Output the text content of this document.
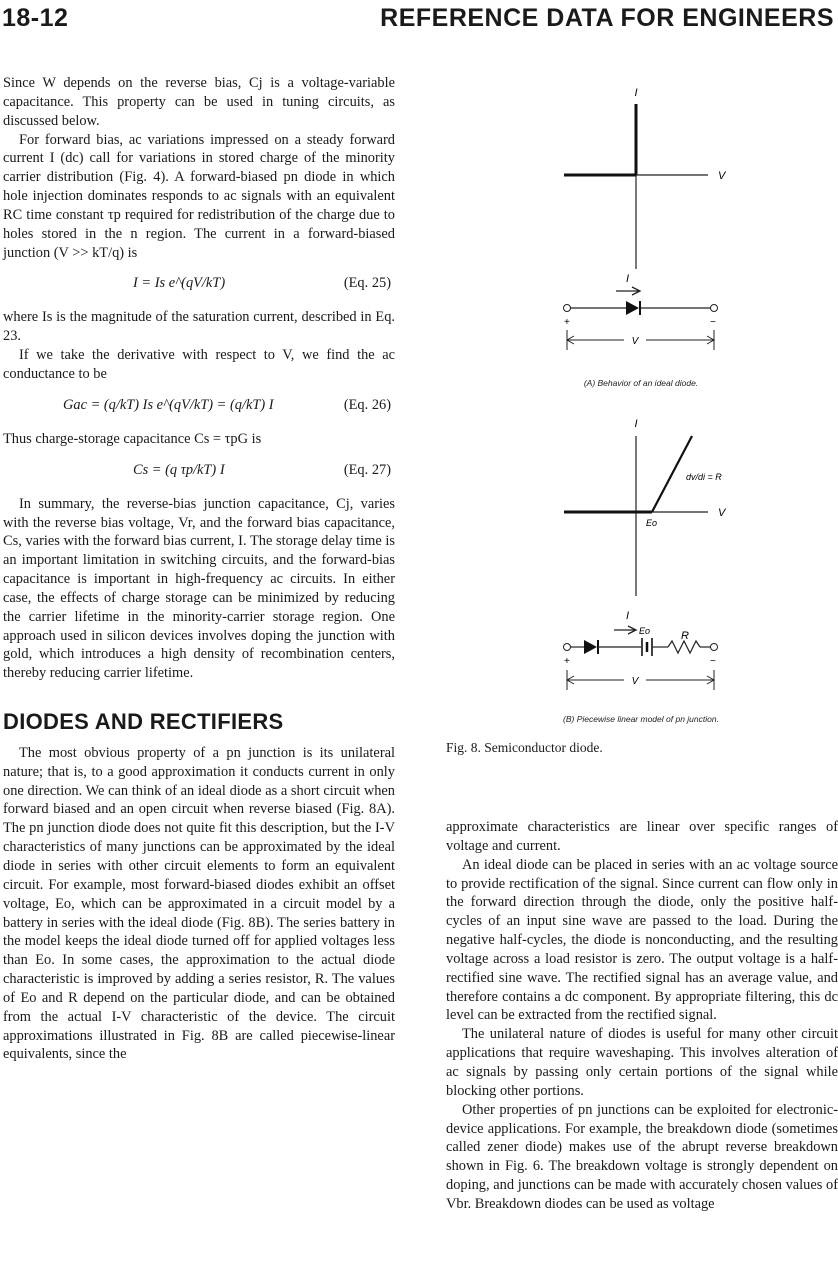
18-12	REFERENCE DATA FOR ENGINEERS

Since W depends on the reverse bias, Cj is a voltage-variable capacitance. This property can be used in tuning circuits, as discussed below.

For forward bias, ac variations impressed on a steady forward current I (dc) call for variations in stored charge of the minority carrier distribution (Fig. 4). A forward-biased pn diode in which hole injection dominates responds to ac signals with an equivalent RC time constant τp required for redistribution of the charge due to holes stored in the n region. The current in a forward-biased junction (V >> kT/q) is

I = Is e^(qV/kT)	(Eq. 25)

where Is is the magnitude of the saturation current, described in Eq. 23.

If we take the derivative with respect to V, we find the ac conductance to be

Gac = (q/kT) Is e^(qV/kT) = (q/kT) I	(Eq. 26)

Thus charge-storage capacitance Cs = τpG is

Cs = (q τp/kT) I	(Eq. 27)

In summary, the reverse-bias junction capacitance, Cj, varies with the reverse bias voltage, Vr, and the forward bias capacitance, Cs, varies with the forward bias current, I. The storage delay time is an important limitation in switching circuits, and the forward-bias capacitance is important in high-frequency ac circuits. In either case, the effects of charge storage can be minimized by reducing the carrier lifetime in the minority-carrier storage region. One approach used in silicon devices involves doping the junction with gold, which introduces a high density of recombination centers, thereby reducing carrier lifetime.

DIODES AND RECTIFIERS

The most obvious property of a pn junction is its unilateral nature; that is, to a good approximation it conducts current in only one direction. We can think of an ideal diode as a short circuit when forward biased and an open circuit when reverse biased (Fig. 8A). The pn junction diode does not quite fit this description, but the I-V characteristics of many junctions can be approximated by the ideal diode in series with other circuit elements to form an equivalent circuit. For example, most forward-biased diodes exhibit an offset voltage, Eo, which can be approximated in a circuit model by a battery in series with the ideal diode (Fig. 8B). The series battery in the model keeps the ideal diode turned off for applied voltages less than Eo. In some cases, the approximation to the actual diode characteristic is improved by adding a series resistor, R. The values of Eo and R depend on the particular diode, and can be obtained from the actual I-V characteristic of the device. The circuit approximations illustrated in Fig. 8B are called piecewise-linear equivalents, since the

I
V
I
+	−
V
(A) Behavior of an ideal diode.
I
dv/di = R
V
Eo
I
Eo	R
+	−
V
(B) Piecewise linear model of pn junction.
Fig. 8. Semiconductor diode.

approximate characteristics are linear over specific ranges of voltage and current.

An ideal diode can be placed in series with an ac voltage source to provide rectification of the signal. Since current can flow only in the forward direction through the diode, only the positive half-cycles of an input sine wave are passed to the load. During the negative half-cycles, the diode is nonconducting, and the resulting voltage across a load resistor is zero. The output voltage is a half-rectified sine wave. The rectified signal has an average value, and therefore contains a dc component. By appropriate filtering, this dc level can be extracted from the rectified signal.

The unilateral nature of diodes is useful for many other circuit applications that require waveshaping. This involves alteration of ac signals by passing only certain portions of the signal while blocking other portions.

Other properties of pn junctions can be exploited for electronic-device applications. For example, the breakdown diode (sometimes called zener diode) makes use of the abrupt reverse breakdown shown in Fig. 6. The breakdown voltage is strongly dependent on doping, and junctions can be made with accurately chosen values of Vbr. Breakdown diodes can be used as voltage
